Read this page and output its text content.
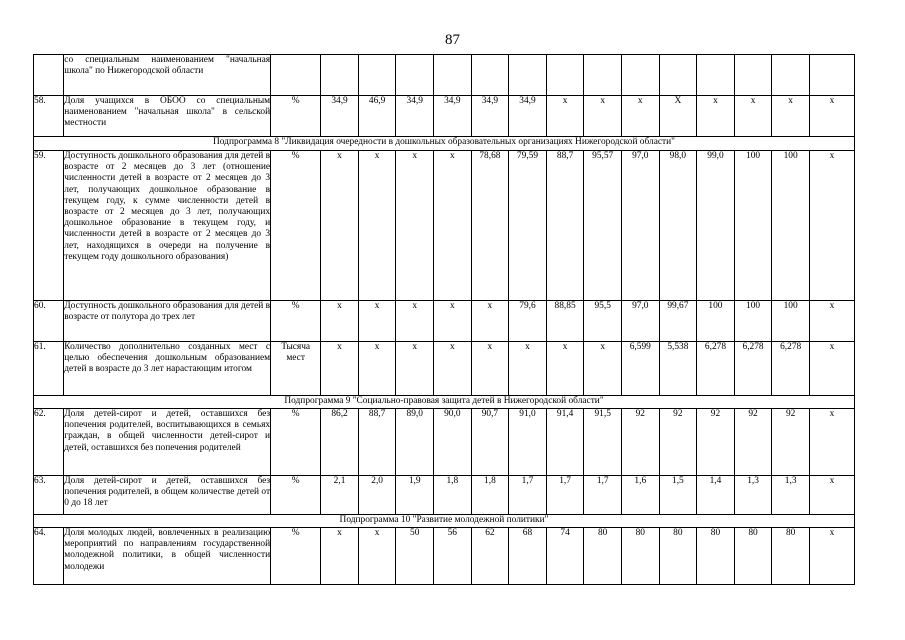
87
	со специальным наименованием "начальная школа" по Нижегородской области															
58.	Доля учащихся в ОБОО со специальным наименованием "начальная школа" в сельской местности	%	34,9	46,9	34,9	34,9	34,9	34,9	х	х	х	Х	х	х	х	х
Подпрограмма 8 "Ликвидация очередности в дошкольных образовательных организациях Нижегородской области"																
59.	Доступность дошкольного образования для детей в возрасте от 2 месяцев до 3 лет (отношение численности детей в возрасте от 2 месяцев до 3 лет, получающих дошкольное образование в текущем году, к сумме численности детей в возрасте от 2 месяцев до 3 лет, получающих дошкольное образование в текущем году, и численности детей в возрасте от 2 месяцев до 3 лет, находящихся в очереди на получение в текущем году дошкольного образования)	%	х	х	х	х	78,68	79,59	88,7	95,57	97,0	98,0	99,0	100	100	х
60.	Доступность дошкольного образования для детей в возрасте от полутора до трех лет	%	х	х	х	х	х	79,6	88,85	95,5	97,0	99,67	100	100	100	х
61.	Количество дополнительно созданных мест с целью обеспечения дошкольным образованием детей в возрасте до 3 лет нарастающим итогом	Тысяча мест	х	х	х	х	х	х	х	х	6,599	5,538	6,278	6,278	6,278	х
Подпрограмма 9 "Социально-правовая защита детей в Нижегородской области"																
62.	Доля детей-сирот и детей, оставшихся без попечения родителей, воспитывающихся в семьях граждан, в общей численности детей-сирот и детей, оставшихся без попечения родителей	%	86,2	88,7	89,0	90,0	90,7	91,0	91,4	91,5	92	92	92	92	92	х
63.	Доля детей-сирот и детей, оставшихся без попечения родителей, в общем количестве детей от 0 до 18 лет	%	2,1	2,0	1,9	1,8	1,8	1,7	1,7	1,7	1,6	1,5	1,4	1,3	1,3	х
Подпрограмма 10 "Развитие молодежной политики"																
64.	Доля молодых людей, вовлеченных в реализацию мероприятий по направлениям государственной молодежной политики, в общей численности молодежи	%	х	х	50	56	62	68	74	80	80	80	80	80	80	х
